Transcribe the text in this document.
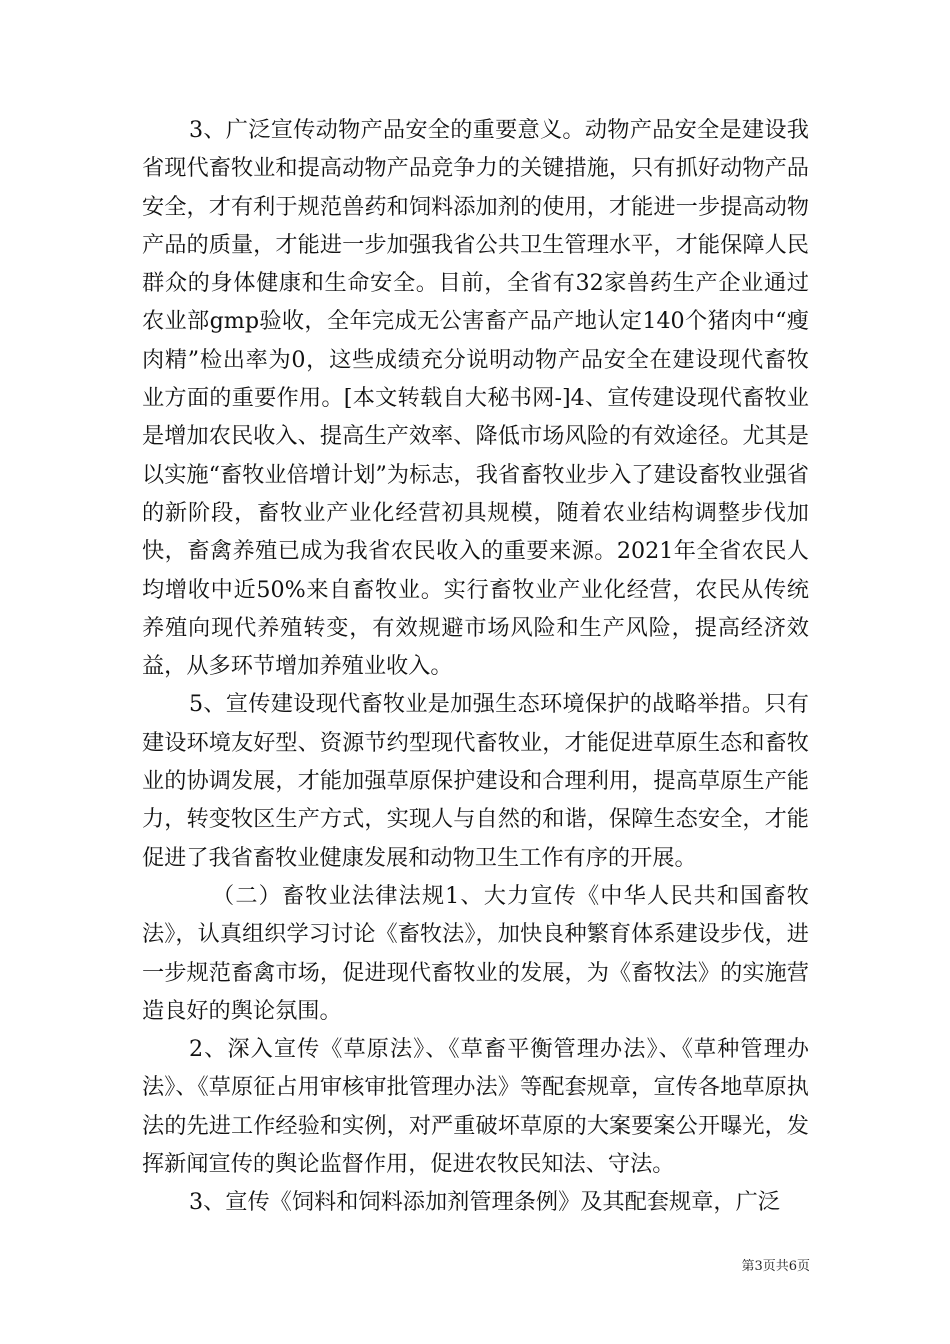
3、广泛宣传动物产品安全的重要意义。动物产品安全是建设我省现代畜牧业和提高动物产品竞争力的关键措施，只有抓好动物产品安全，才有利于规范兽药和饲料添加剂的使用，才能进一步提高动物产品的质量，才能进一步加强我省公共卫生管理水平，才能保障人民群众的身体健康和生命安全。目前，全省有32家兽药生产企业通过农业部gmp验收，全年完成无公害畜产品产地认定140个猪肉中“瘦肉精”检出率为0，这些成绩充分说明动物产品安全在建设现代畜牧业方面的重要作用。[本文转载自大秘书网-]4、宣传建设现代畜牧业是增加农民收入、提高生产效率、降低市场风险的有效途径。尤其是以实施“畜牧业倍增计划”为标志，我省畜牧业步入了建设畜牧业强省的新阶段，畜牧业产业化经营初具规模，随着农业结构调整步伐加快，畜禽养殖已成为我省农民收入的重要来源。2021年全省农民人均增收中近50%来自畜牧业。实行畜牧业产业化经营，农民从传统养殖向现代养殖转变，有效规避市场风险和生产风险，提高经济效益，从多环节增加养殖业收入。

5、宣传建设现代畜牧业是加强生态环境保护的战略举措。只有建设环境友好型、资源节约型现代畜牧业，才能促进草原生态和畜牧业的协调发展，才能加强草原保护建设和合理利用，提高草原生产能力，转变牧区生产方式，实现人与自然的和谐，保障生态安全，才能促进了我省畜牧业健康发展和动物卫生工作有序的开展。

（二）畜牧业法律法规1、大力宣传《中华人民共和国畜牧法》，认真组织学习讨论《畜牧法》，加快良种繁育体系建设步伐，进一步规范畜禽市场，促进现代畜牧业的发展，为《畜牧法》的实施营造良好的舆论氛围。

2、深入宣传《草原法》、《草畜平衡管理办法》、《草种管理办法》、《草原征占用审核审批管理办法》等配套规章，宣传各地草原执法的先进工作经验和实例，对严重破坏草原的大案要案公开曝光，发挥新闻宣传的舆论监督作用，促进农牧民知法、守法。

3、宣传《饲料和饲料添加剂管理条例》及其配套规章，广泛

第3页共6页
